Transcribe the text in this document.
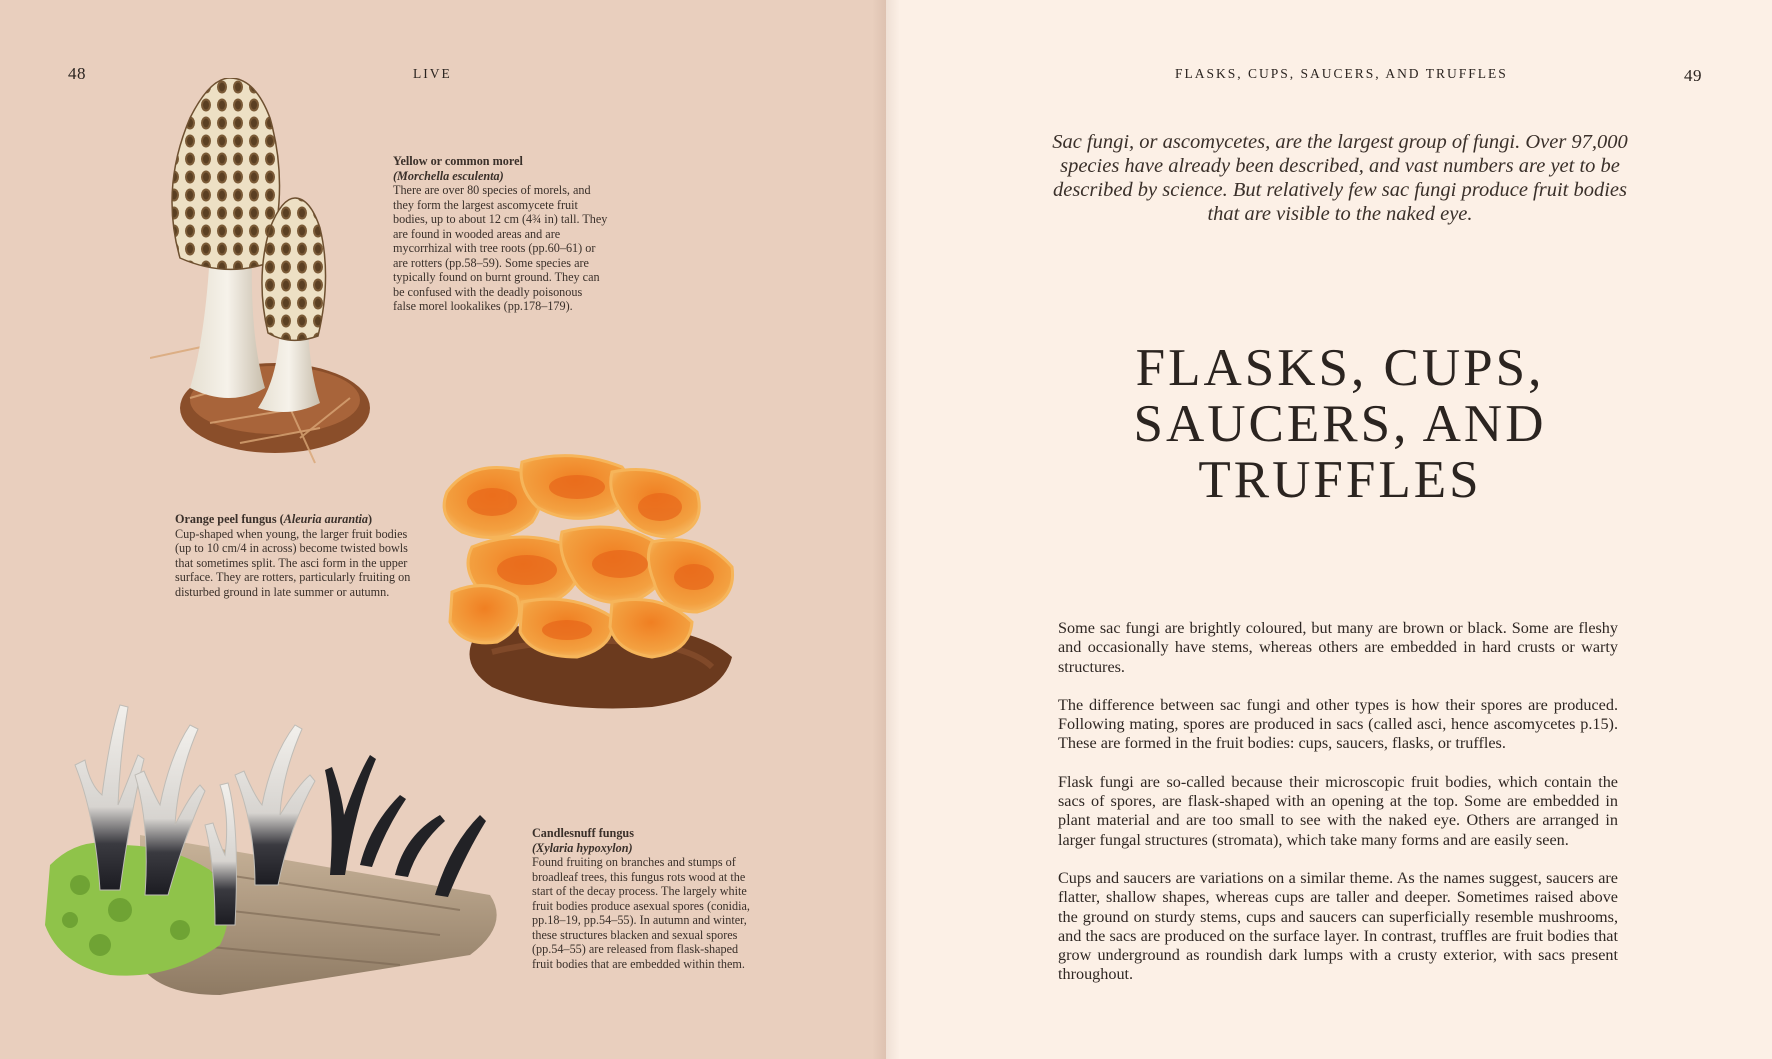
48	LIVE
Yellow or common morel
(Morchella esculenta)
There are over 80 species of morels, and they form the largest ascomycete fruit bodies, up to about 12 cm (4¾ in) tall. They are found in wooded areas and are mycorrhizal with tree roots (pp.60–61) or are rotters (pp.58–59). Some species are typically found on burnt ground. They can be confused with the deadly poisonous false morel lookalikes (pp.178–179).
Orange peel fungus (Aleuria aurantia)
Cup-shaped when young, the larger fruit bodies (up to 10 cm/4 in across) become twisted bowls that sometimes split. The asci form in the upper surface. They are rotters, particularly fruiting on disturbed ground in late summer or autumn.
Candlesnuff fungus
(Xylaria hypoxylon)
Found fruiting on branches and stumps of broadleaf trees, this fungus rots wood at the start of the decay process. The largely white fruit bodies produce asexual spores (conidia, pp.18–19, pp.54–55). In autumn and winter, these structures blacken and sexual spores (pp.54–55) are released from flask-shaped fruit bodies that are embedded within them.
FLASKS, CUPS, SAUCERS, AND TRUFFLES	49
Sac fungi, or ascomycetes, are the largest group of fungi. Over 97,000 species have already been described, and vast numbers are yet to be described by science. But relatively few sac fungi produce fruit bodies that are visible to the naked eye.
FLASKS, CUPS,
SAUCERS, AND
TRUFFLES

Some sac fungi are brightly coloured, but many are brown or black. Some are fleshy and occasionally have stems, whereas others are embedded in hard crusts or warty structures.

The difference between sac fungi and other types is how their spores are produced. Following mating, spores are produced in sacs (called asci, hence ascomycetes p.15). These are formed in the fruit bodies: cups, saucers, flasks, or truffles.

Flask fungi are so-called because their microscopic fruit bodies, which contain the sacs of spores, are flask-shaped with an opening at the top. Some are embedded in plant material and are too small to see with the naked eye. Others are arranged in larger fungal structures (stromata), which take many forms and are easily seen.

Cups and saucers are variations on a similar theme. As the names suggest, saucers are flatter, shallow shapes, whereas cups are taller and deeper. Sometimes raised above the ground on sturdy stems, cups and saucers can superficially resemble mushrooms, and the sacs are produced on the surface layer. In contrast, truffles are fruit bodies that grow underground as roundish dark lumps with a crusty exterior, with sacs present throughout.
